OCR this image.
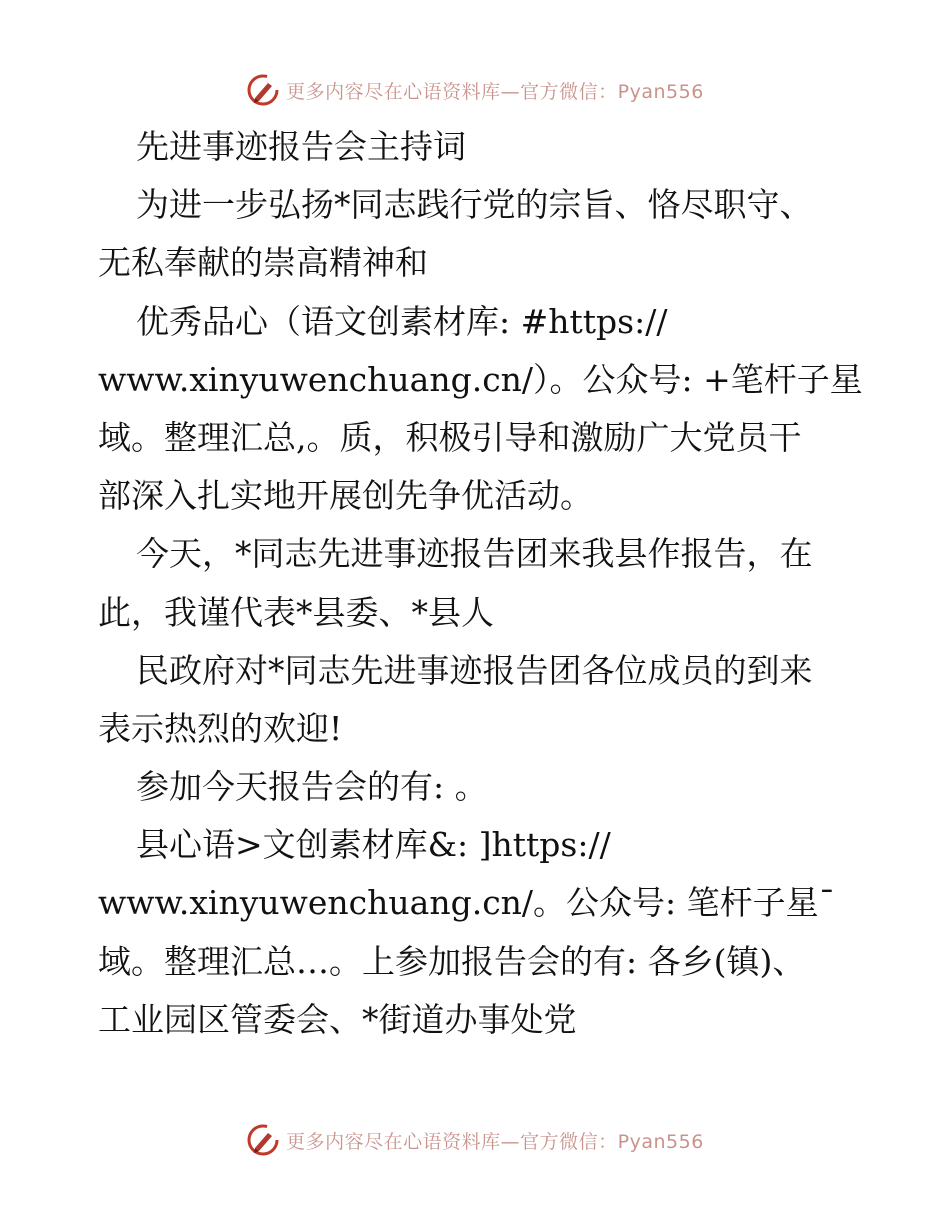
更多内容尽在心语资料库—官方微信：Pyan556
先进事迹报告会主持词
为进一步弘扬*同志践行党的宗旨、恪尽职守、
无私奉献的崇高精神和
优秀品心（语文创素材库: #https://
www.xinyuwenchuang.cn/）。公众号: +笔杆子星
域。整理汇总,。质，积极引导和激励广大党员干
部深入扎实地开展创先争优活动。
今天，*同志先进事迹报告团来我县作报告，在
此，我谨代表*县委、*县人
民政府对*同志先进事迹报告团各位成员的到来
表示热烈的欢迎!
参加今天报告会的有: 。
县心语>文创素材库&: ]https://
www.xinyuwenchuang.cn/。公众号: 笔杆子星¯
域。整理汇总…。上参加报告会的有: 各乡(镇)、
工业园区管委会、*街道办事处党
更多内容尽在心语资料库—官方微信：Pyan556
